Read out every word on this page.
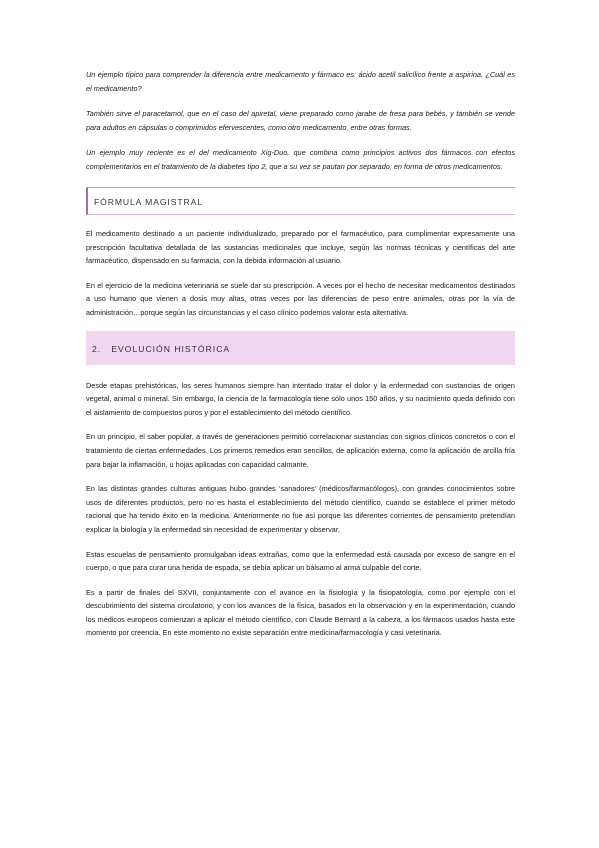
Un ejemplo típico para comprender la diferencia entre medicamento y fármaco es: ácido acetil salicílico frente a aspirina. ¿Cuál es el medicamento?

También sirve el paracetamol, que en el caso del apiretal, viene preparado como jarabe de fresa para bebés, y también se vende para adultos en cápsulas o comprimidos efervescentes, como otro medicamento, entre otras formas.

Un ejemplo muy reciente es el del medicamento Xig-Duo, que combina como principios activos dos fármacos con efectos complementarios en el tratamiento de la diabetes tipo 2, que a su vez se pautan por separado, en forma de otros medicamentos.

FÓRMULA MAGISTRAL

El medicamento destinado a un paciente individualizado, preparado por el farmacéutico, para cumplimentar expresamente una prescripción facultativa detallada de las sustancias medicinales que incluye, según las normas técnicas y científicas del arte farmacéutico, dispensado en su farmacia, con la debida información al usuario.

En el ejercicio de la medicina veterinaria se suele dar su prescripción. A veces por el hecho de necesitar medicamentos destinados a uso humano que vienen a dosis muy altas, otras veces por las diferencias de peso entre animales, otras por la vía de administración…porque según las circunstancias y el caso clínico podemos valorar esta alternativa.

2.   EVOLUCIÓN HISTÓRICA

Desde etapas prehistóricas, los seres humanos siempre han intentado tratar el dolor y la enfermedad con sustancias de origen vegetal, animal o mineral. Sin embargo, la ciencia de la farmacología tiene sólo unos 150 años, y su nacimiento queda definido con el aislamiento de compuestos puros y por el establecimiento del método científico.

En un principio, el saber popular, a través de generaciones permitió correlacionar sustancias con signos clínicos concretos o con el tratamiento de ciertas enfermedades. Los primeros remedios eran sencillos, de aplicación externa, como la aplicación de arcilla fría para bajar la inflamación, u hojas aplicadas con capacidad calmante.

En las distintas grandes culturas antiguas hubo grandes ‘sanadores’ (médicos/farmacólogos), con grandes conocimientos sobre usos de diferentes productos, pero no es hasta el establecimiento del método científico, cuando se establece el primer método racional que ha tenido éxito en la medicina. Anteriormente no fue así porque las diferentes corrientes de pensamiento pretendían explicar la biología y la enfermedad sin necesidad de experimentar y observar.

Estas escuelas de pensamiento promulgaban ideas extrañas, como que la enfermedad está causada por exceso de sangre en el cuerpo, o que para curar una herida de espada, se debía aplicar un bálsamo al arma culpable del corte.

Es a partir de finales del SXVII, conjuntamente con el avance en la fisiología y la fisiopatología, como por ejemplo con el descubrimiento del sistema circulatorio, y con los avances de la física, basados en la observación y en la experimentación, cuando los médicos europeos comienzan a aplicar el método científico, con Claude Bernard a la cabeza, a los fármacos usados hasta este momento por creencia. En este momento no existe separación entre medicina/farmacología y casi veterinaria.
